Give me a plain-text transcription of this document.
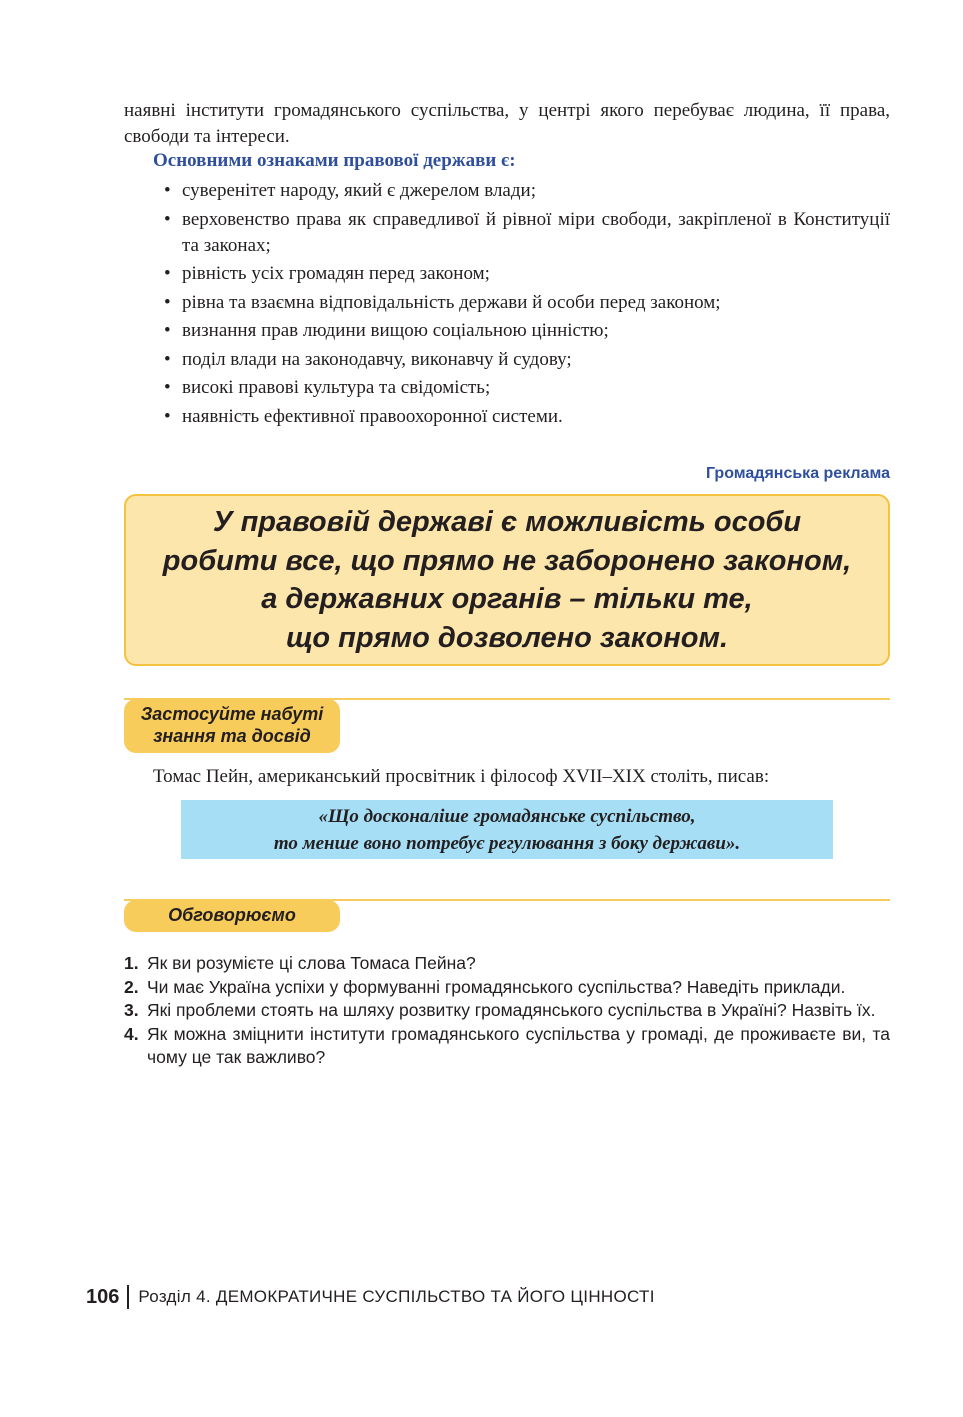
наявні інститути громадянського суспільства, у центрі якого перебуває людина, її права, свободи та інтереси.

Основними ознаками правової держави є:
• суверенітет народу, який є джерелом влади;
• верховенство права як справедливої й рівної міри свободи, закріпленої в Конституції та законах;
• рівність усіх громадян перед законом;
• рівна та взаємна відповідальність держави й особи перед законом;
• визнання прав людини вищою соціальною цінністю;
• поділ влади на законодавчу, виконавчу й судову;
• високі правові культура та свідомість;
• наявність ефективної правоохоронної системи.
Громадянська реклама
У правовій державі є можливість особи
робити все, що прямо не заборонено законом,
а державних органів – тільки те,
що прямо дозволено законом.
Застосуйте набуті
знання та досвід
Томас Пейн, американський просвітник і філософ XVII–XIX століть, писав:
«Що досконаліше громадянське суспільство,
то менше воно потребує регулювання з боку держави».
Обговорюємо
1. Як ви розумієте ці слова Томаса Пейна?
2. Чи має Україна успіхи у формуванні громадянського суспільства? Наведіть приклади.
3. Які проблеми стоять на шляху розвитку громадянського суспільства в Україні? Назвіть їх.
4. Як можна зміцнити інститути громадянського суспільства у громаді, де проживаєте ви, та чому це так важливо?
106 Розділ 4. ДЕМОКРАТИЧНЕ СУСПІЛЬСТВО ТА ЙОГО ЦІННОСТІ
